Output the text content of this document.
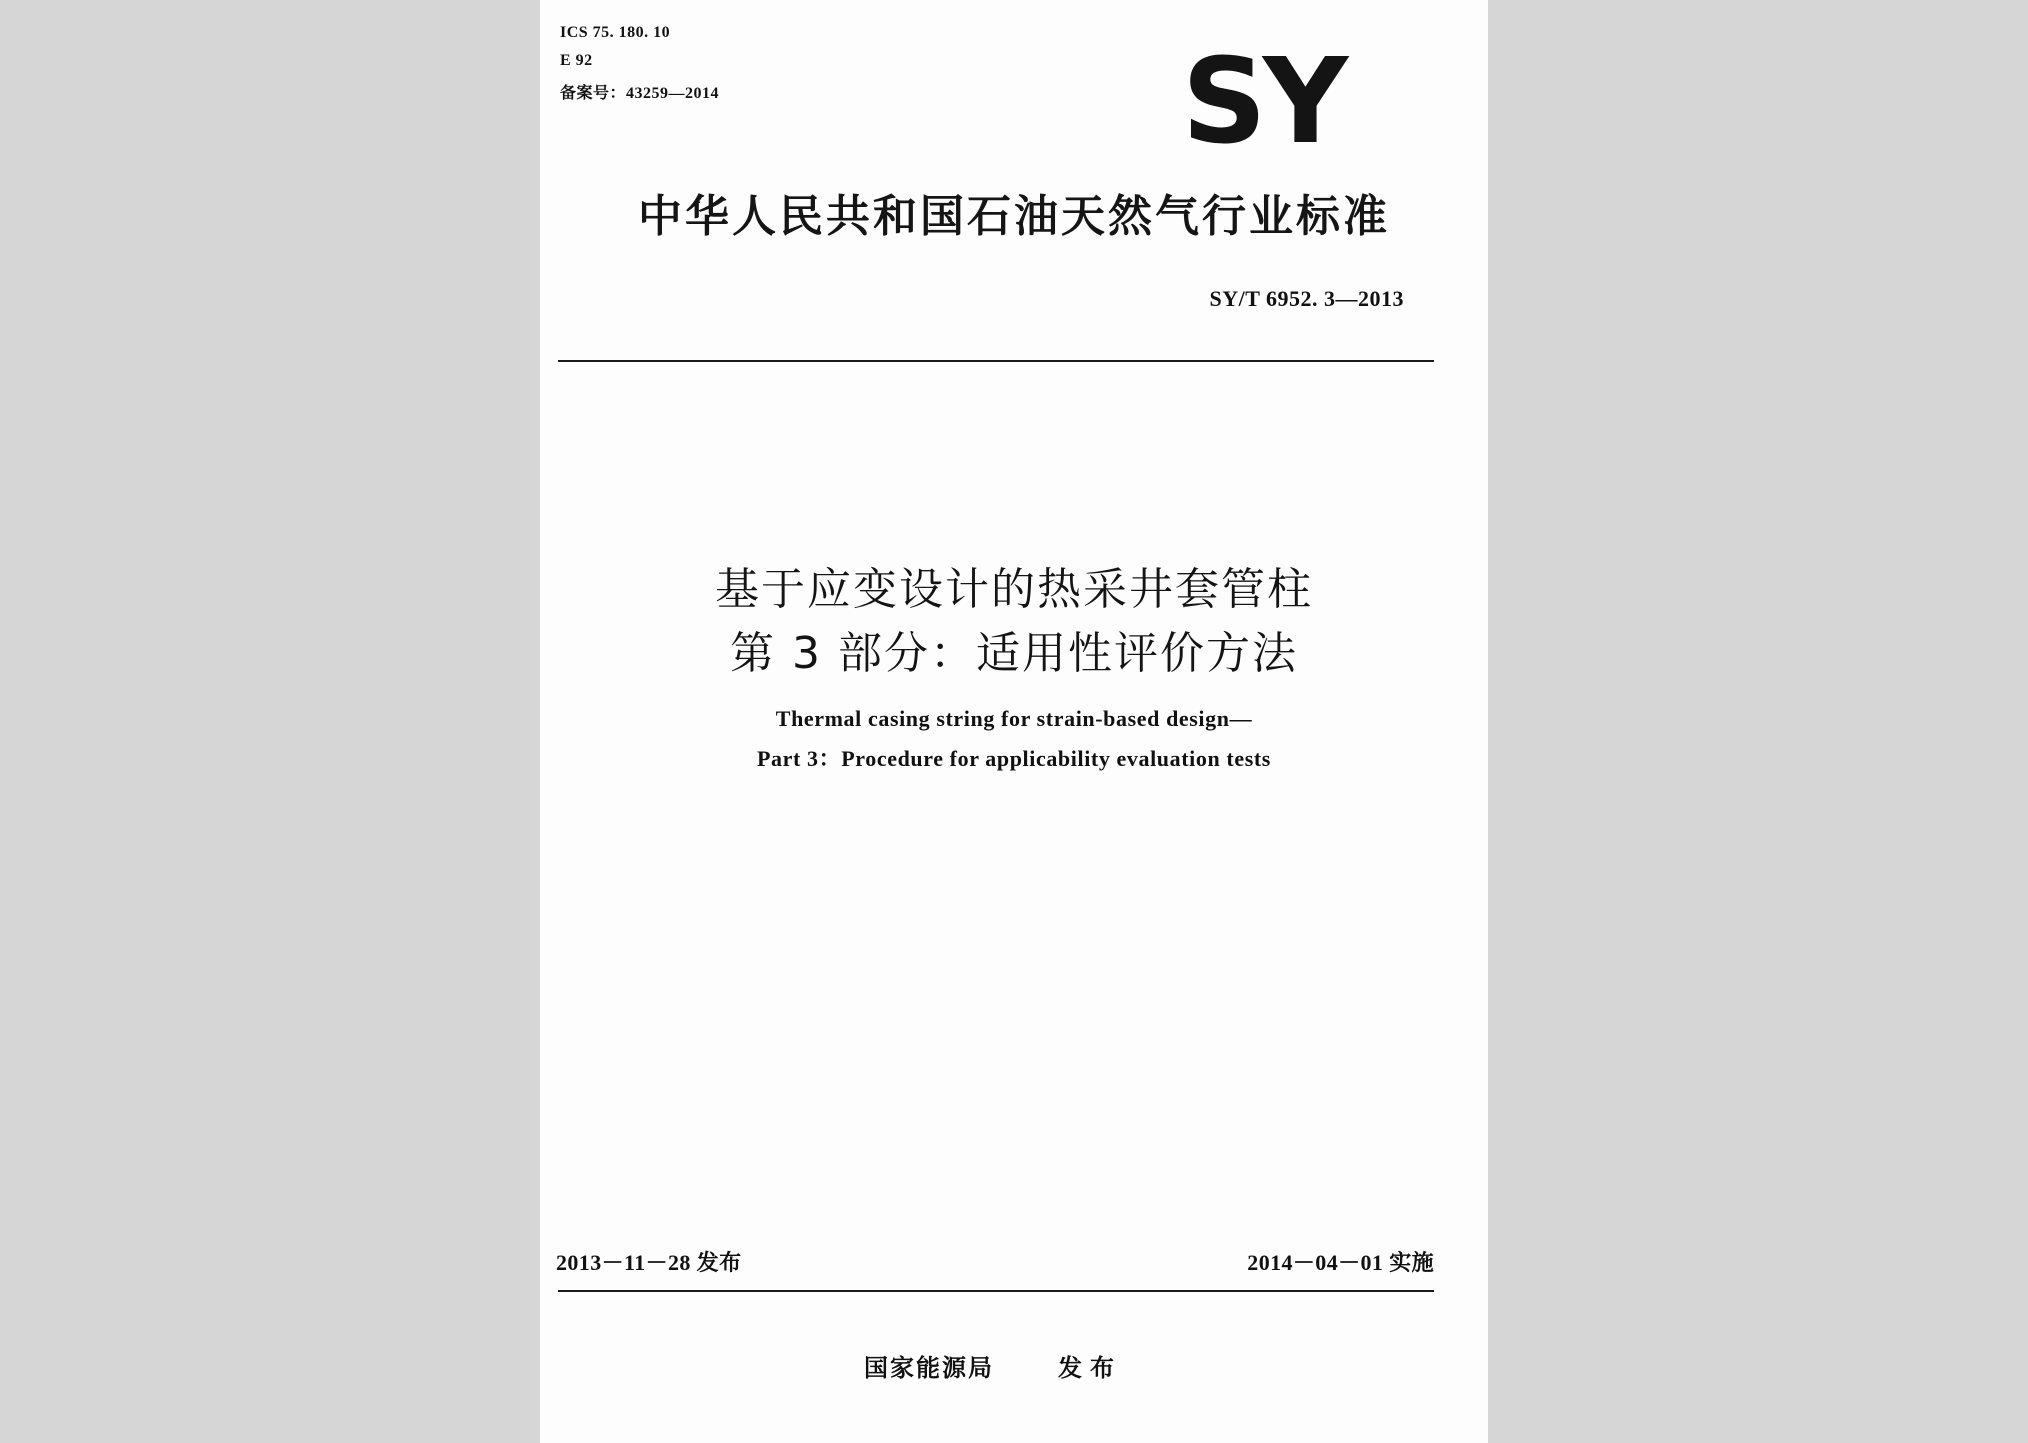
ICS 75. 180. 10
E 92
备案号：43259—2014	SY
中华人民共和国石油天然气行业标准
SY/T 6952. 3—2013
基于应变设计的热采井套管柱
第 3 部分：适用性评价方法
Thermal casing string for strain-based design—
Part 3：Procedure for applicability evaluation tests
2013－11－28 发布	2014－04－01 实施
国家能源局	发布
